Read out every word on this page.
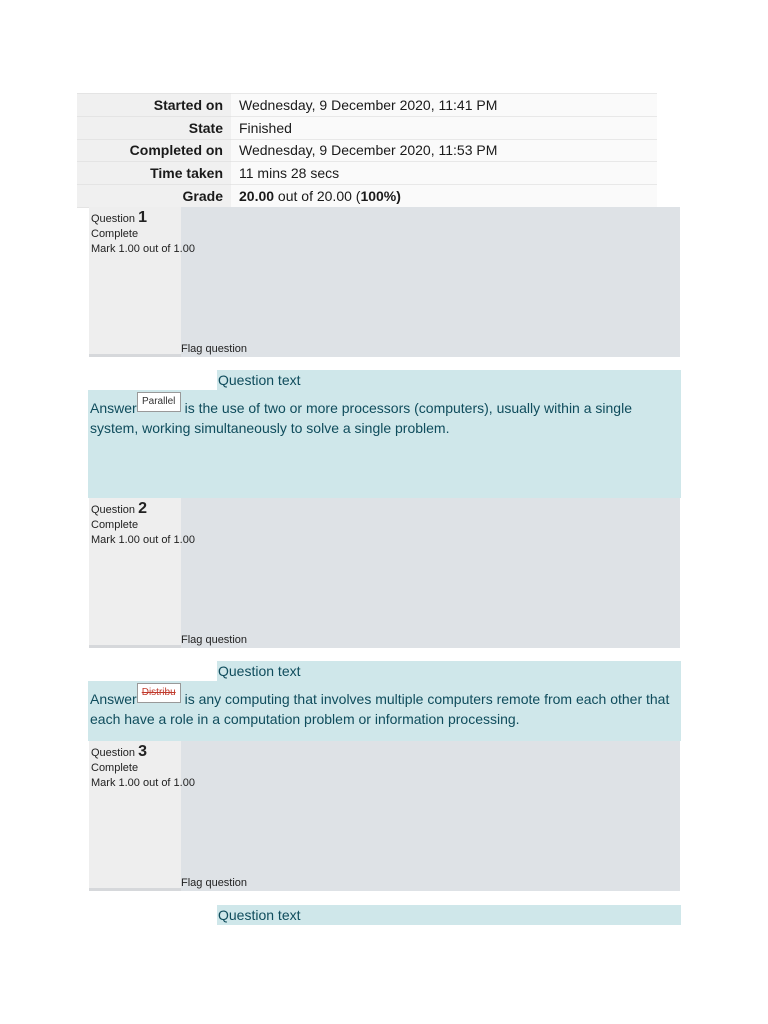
Started on	Wednesday, 9 December 2020, 11:41 PM
State	Finished
Completed on	Wednesday, 9 December 2020, 11:53 PM
Time taken	11 mins 28 secs
Grade	20.00 out of 20.00 (100%)
Question 1
Complete
Mark 1.00 out of 1.00
Flag question
Question text
Answer Parallel is the use of two or more processors (computers), usually within a single system, working simultaneously to solve a single problem.
Question 2
Complete
Mark 1.00 out of 1.00
Flag question
Question text
Answer Distribu is any computing that involves multiple computers remote from each other that each have a role in a computation problem or information processing.
Question 3
Complete
Mark 1.00 out of 1.00
Flag question
Question text
